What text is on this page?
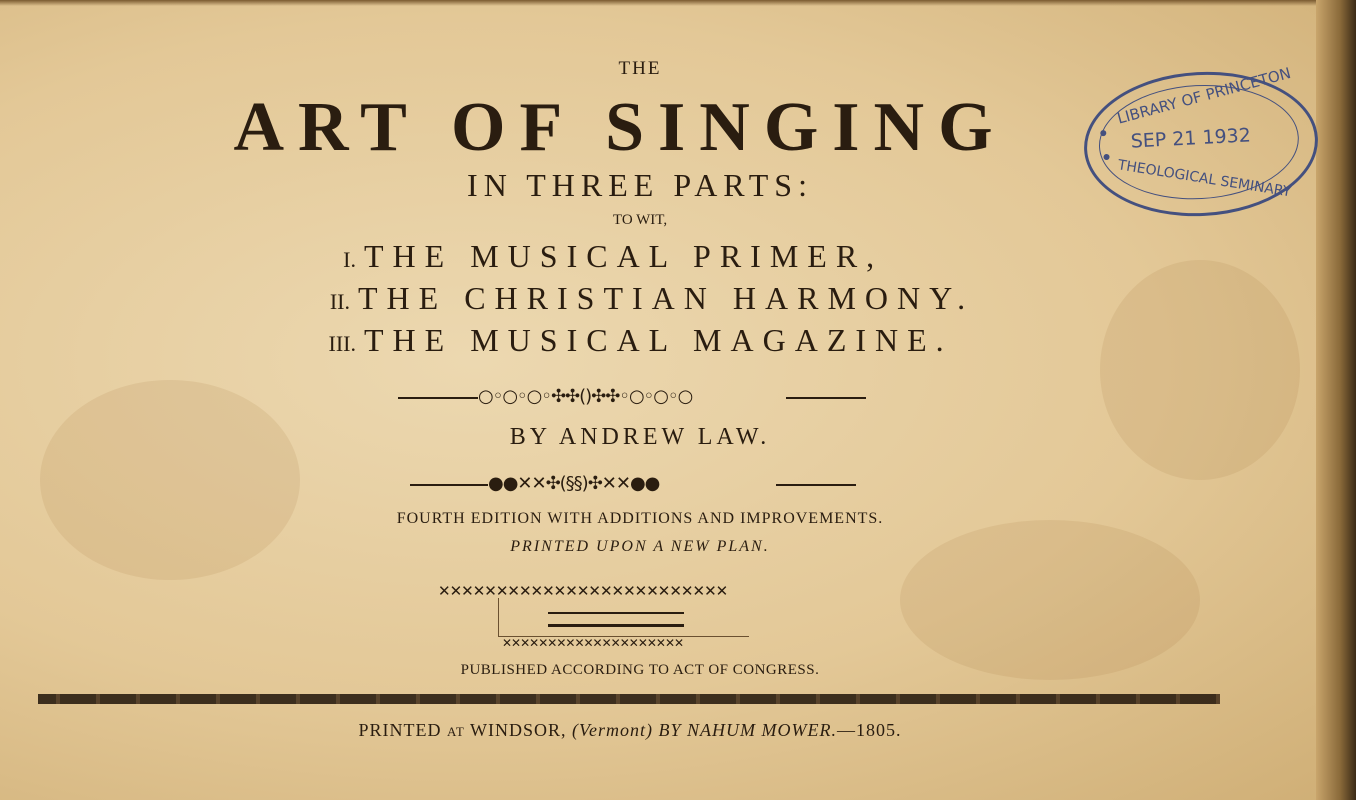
THE
ART OF SINGING
IN THREE PARTS:
TO WIT,
I. THE MUSICAL PRIMER,
II. THE CHRISTIAN HARMONY.
III. THE MUSICAL MAGAZINE.
○◦○◦○◦✣✣()✣✣◦○◦○◦○
BY ANDREW LAW.
●●✕✕✣(§§)✣✕✕●●
FOURTH EDITION WITH ADDITIONS AND IMPROVEMENTS.
PRINTED UPON A NEW PLAN.
✕✕✕✕✕✕✕✕✕✕✕✕✕✕✕✕✕✕✕✕✕✕✕✕✕
✕✕✕✕✕✕✕✕✕✕✕✕✕✕✕✕✕✕✕✕
PUBLISHED ACCORDING TO ACT OF CONGRESS.
PRINTED AT WINDSOR, (Vermont) BY NAHUM MOWER.—1805.
LIBRARY OF PRINCETON
SEP 21 1932
THEOLOGICAL SEMINARY
